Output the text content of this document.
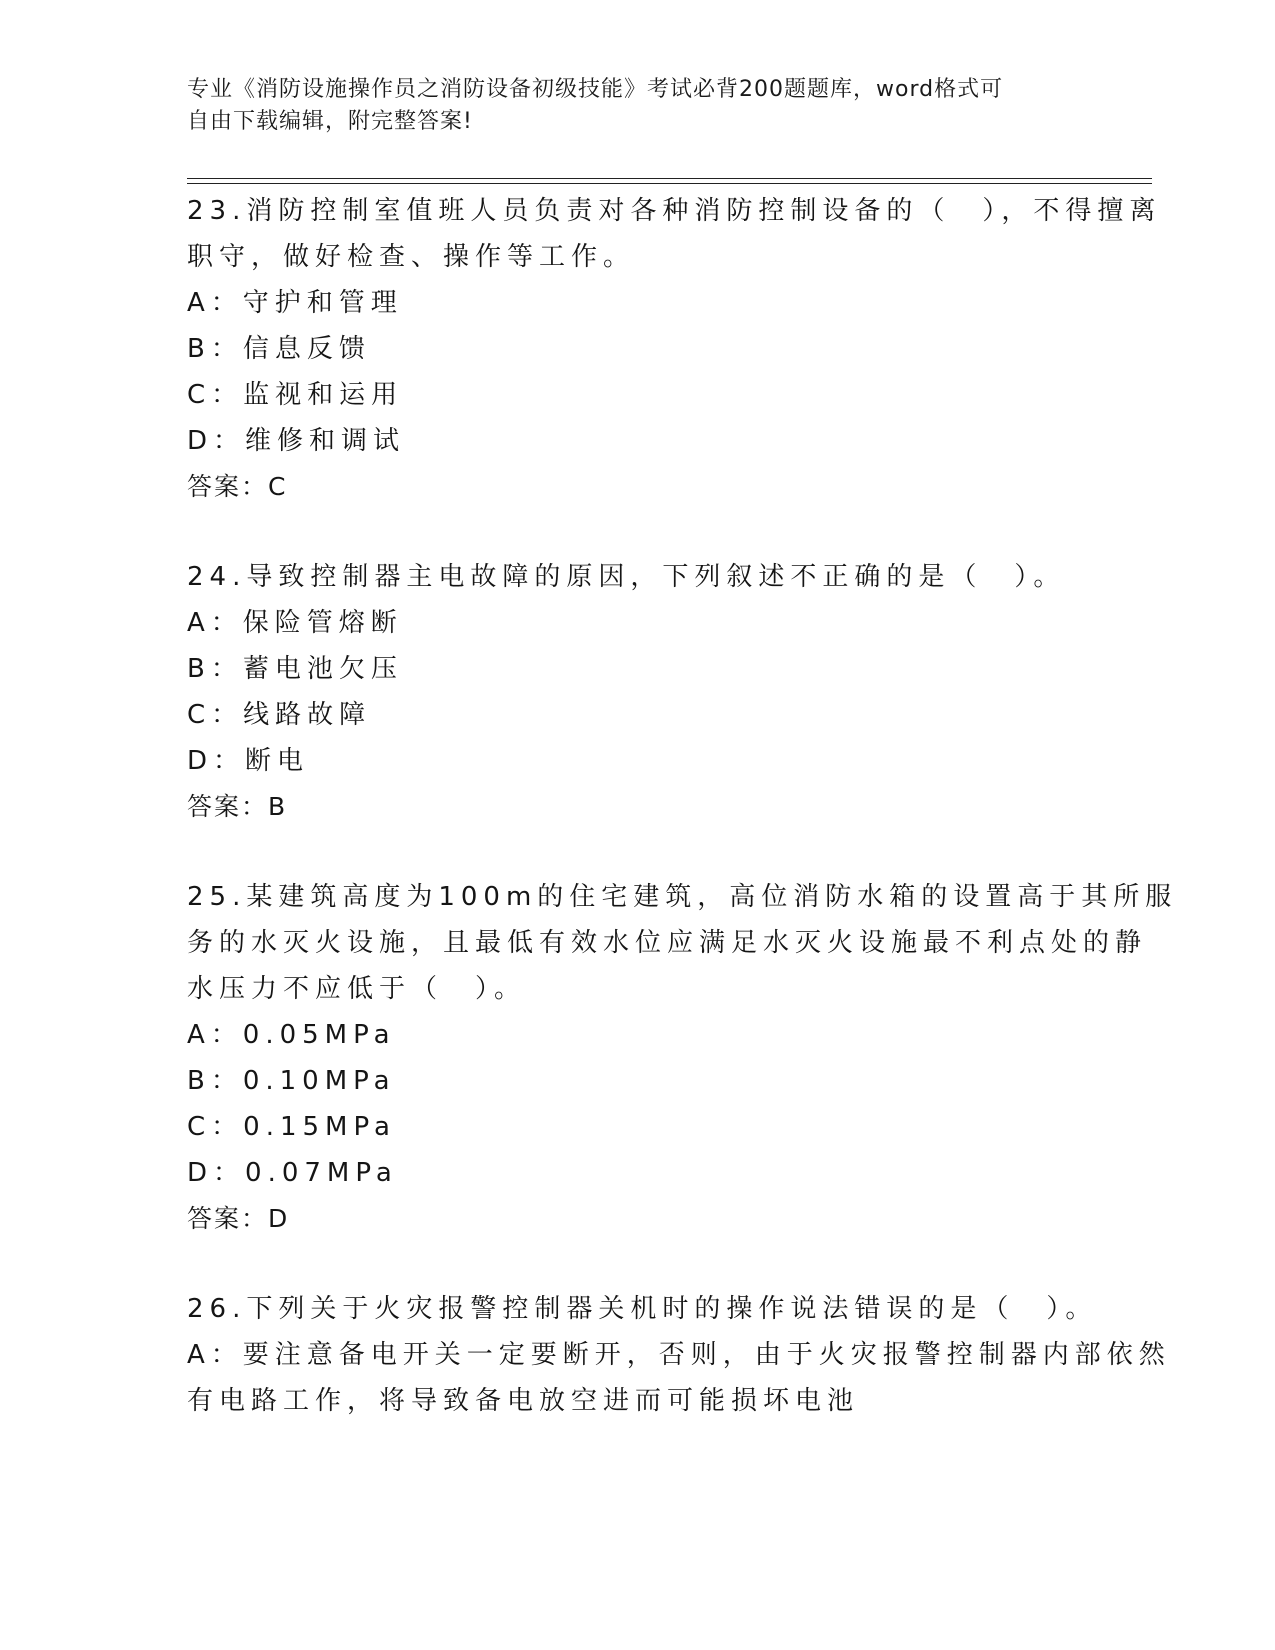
专业《消防设施操作员之消防设备初级技能》考试必背200题题库，word格式可
自由下载编辑，附完整答案!
23.消防控制室值班人员负责对各种消防控制设备的（　），不得擅离
职守，做好检查、操作等工作。
A：守护和管理
B：信息反馈
C：监视和运用
D：维修和调试
答案：C
24.导致控制器主电故障的原因，下列叙述不正确的是（　）。
A：保险管熔断
B：蓄电池欠压
C：线路故障
D：断电
答案：B
25.某建筑高度为100m的住宅建筑，高位消防水箱的设置高于其所服
务的水灭火设施，且最低有效水位应满足水灭火设施最不利点处的静
水压力不应低于（　）。
A：0.05MPa
B：0.10MPa
C：0.15MPa
D：0.07MPa
答案：D
26.下列关于火灾报警控制器关机时的操作说法错误的是（　）。
A：要注意备电开关一定要断开，否则，由于火灾报警控制器内部依然
有电路工作，将导致备电放空进而可能损坏电池
